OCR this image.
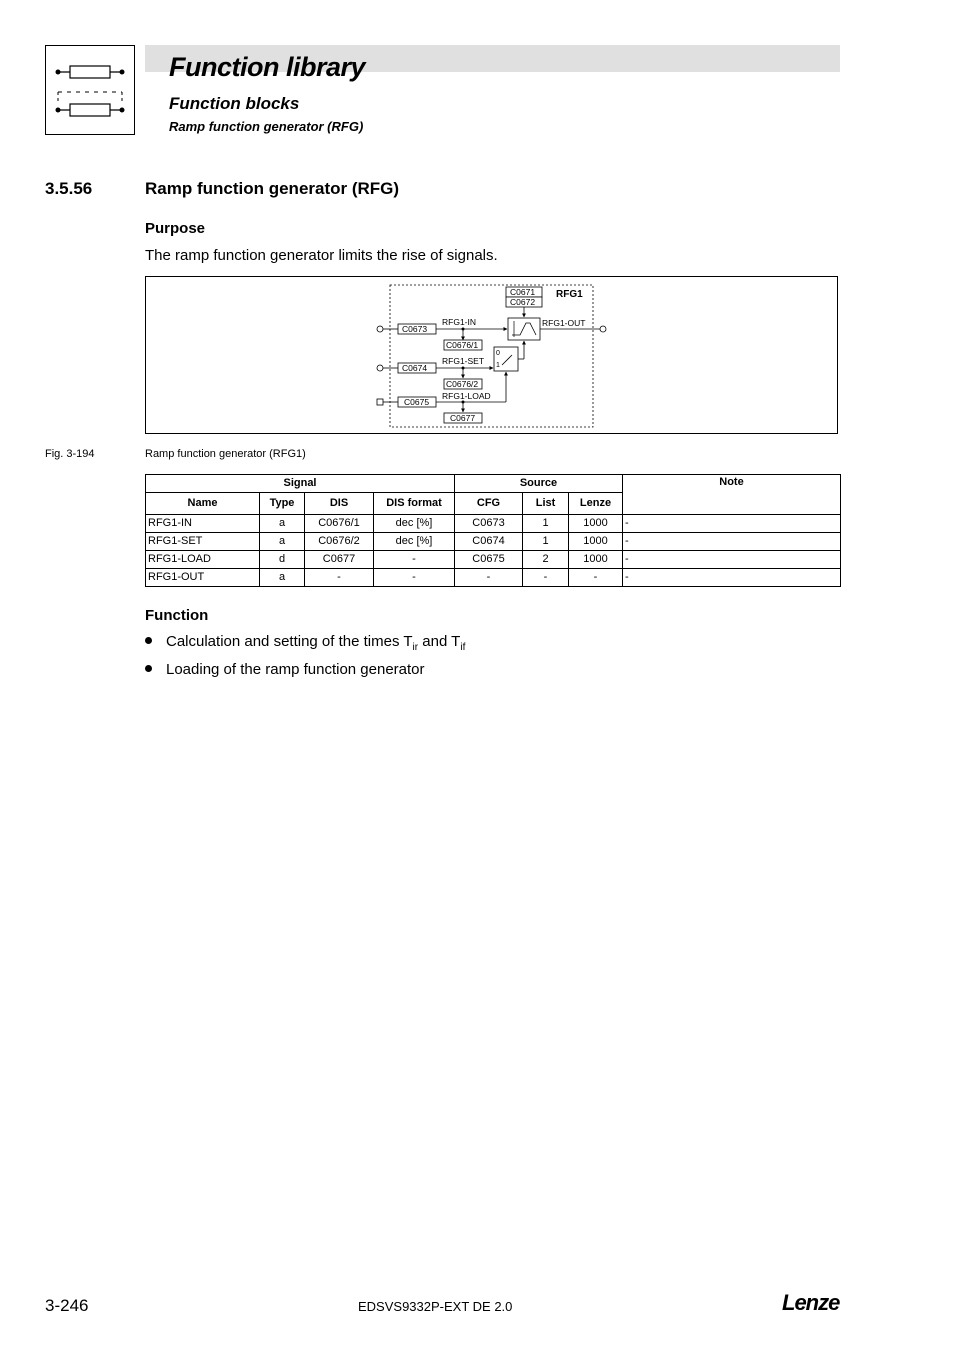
Function library
Function blocks
Ramp function generator (RFG)
3.5.56	Ramp function generator (RFG)
Purpose
The ramp function generator limits the rise of signals.
RFG1
C0671
C0672
C0673
RFG1-IN
C0676/1
RFG1-OUT
0
1
C0674
RFG1-SET
C0676/2
C0675
RFG1-LOAD
C0677
Fig. 3-194	Ramp function generator (RFG1)
Signal				Source			Note
Name	Type	DIS	DIS format	CFG	List	Lenze	
RFG1-IN	a	C0676/1	dec [%]	C0673	1	1000	-
RFG1-SET	a	C0676/2	dec [%]	C0674	1	1000	-
RFG1-LOAD	d	C0677	-	C0675	2	1000	-
RFG1-OUT	a	-	-	-	-	-	-
Function
Calculation and setting of the times $T_{ir}$ and $T_{if}$
Loading of the ramp function generator
3-246	EDSVS9332P-EXT DE 2.0	Lenze
